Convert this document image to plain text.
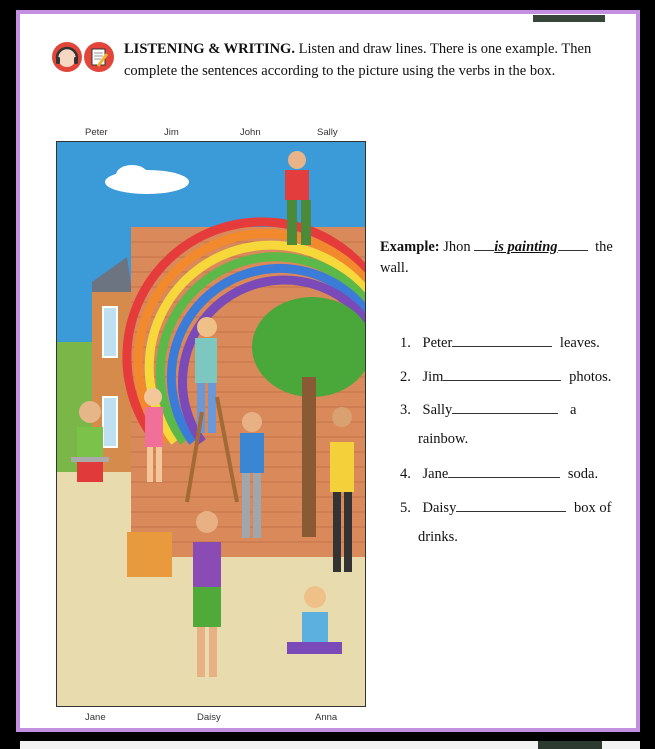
LISTENING & WRITING. Listen and draw lines. There is one example. Then complete the sentences according to the picture using the verbs in the box.
Peter	Jim	John	Sally
Jane	Daisy	Anna
Example: Jhon is painting	the
wall.
1. Peter	leaves.
2. Jim	photos.
3. Sally	a
rainbow.
4. Jane	soda.
5. Daisy	box of
drinks.
